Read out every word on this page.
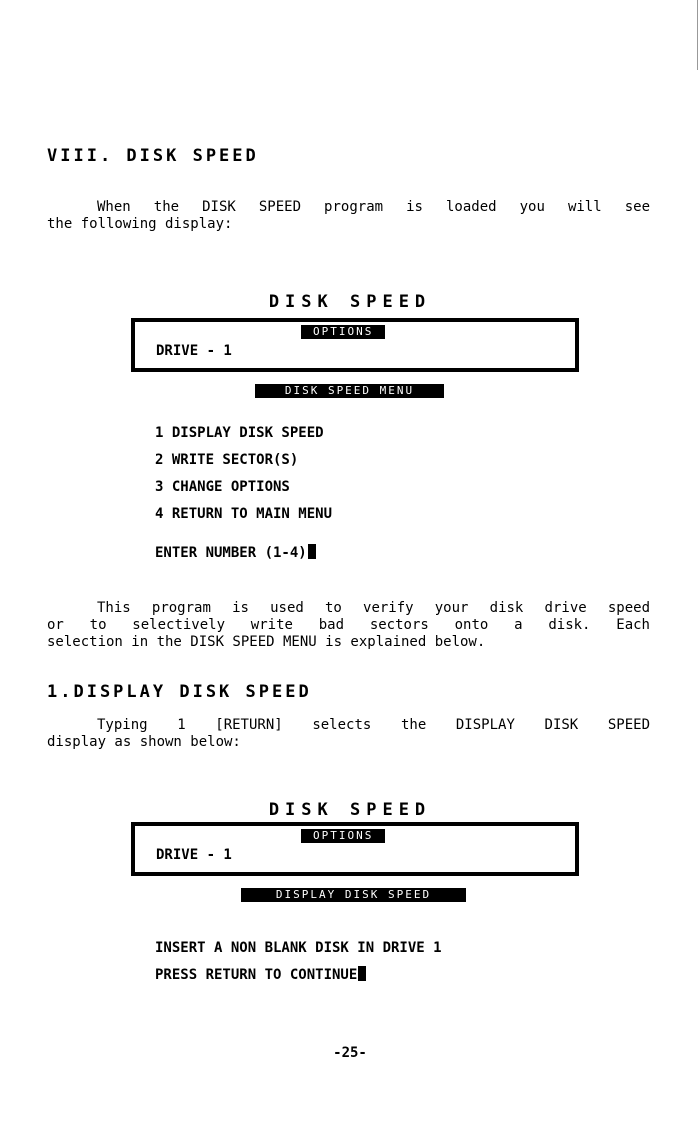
VIII. DISK SPEED

When the DISK SPEED program is loaded you will see
the following display:

DISK SPEED
OPTIONS
DRIVE - 1
DISK SPEED MENU
1 DISPLAY DISK SPEED
2 WRITE SECTOR(S)
3 CHANGE OPTIONS
4 RETURN TO MAIN MENU
ENTER NUMBER (1-4)

This program is used to verify your disk drive speed
or to selectively write bad sectors onto a disk. Each
selection in the DISK SPEED MENU is explained below.

1.DISPLAY DISK SPEED

Typing 1 [RETURN] selects the DISPLAY DISK SPEED
display as shown below:

DISK SPEED
OPTIONS
DRIVE - 1
DISPLAY DISK SPEED
INSERT A NON BLANK DISK IN DRIVE 1
PRESS RETURN TO CONTINUE
-25-
